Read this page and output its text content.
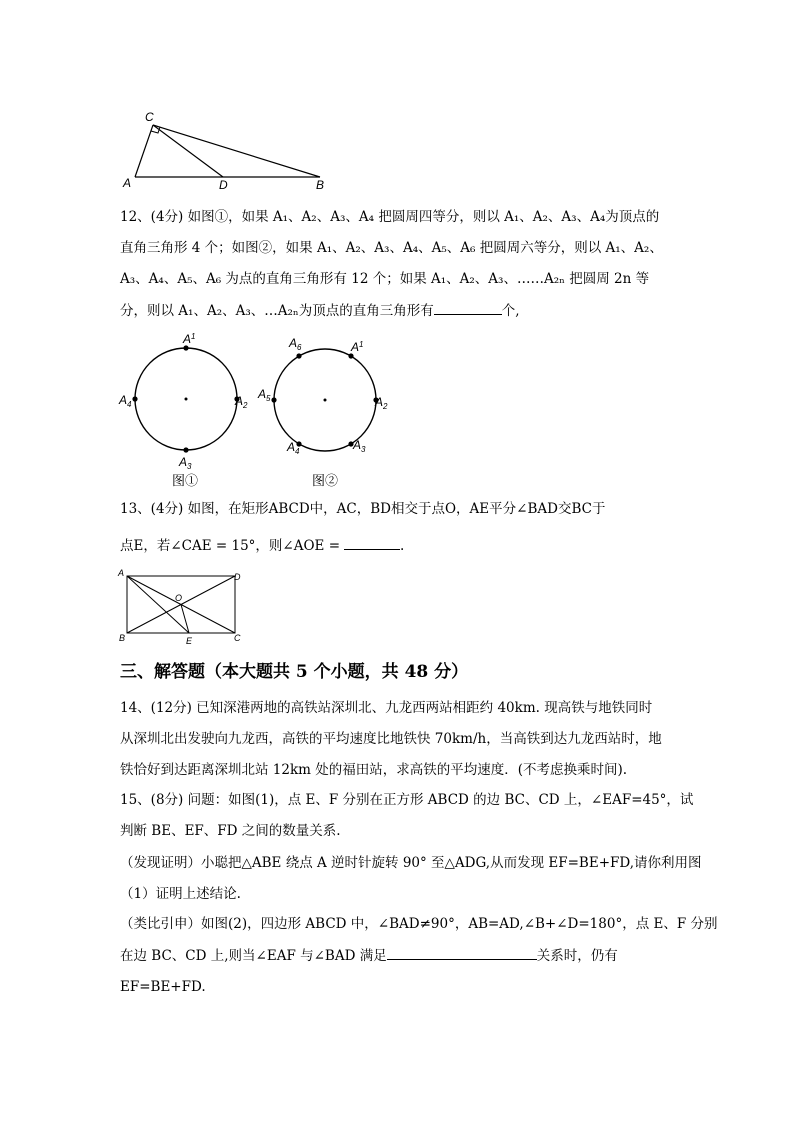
C
A	D	B
12、(4分) 如图①，如果 A₁、A₂、A₃、A₄ 把圆周四等分，则以 A₁、A₂、A₃、A₄为顶点的
直角三角形 4 个；如图②，如果 A₁、A₂、A₃、A₄、A₅、A₆ 把圆周六等分，则以 A₁、A₂、
A₃、A₄、A₅、A₆ 为点的直角三角形有 12 个；如果 A₁、A₂、A₃、……A₂ₙ 把圆周 2n 等
分，则以 A₁、A₂、A₃、…A₂ₙ为顶点的直角三角形有	个,
$A^1$
$A_2$
$A_3$
$A_4$
图①
$A^1$
$A_2$
$A_3$
$A_4$
$A_5$
$A_6$
图②
13、(4分) 如图，在矩形ABCD中，AC，BD相交于点O，AE平分∠BAD交BC于
点E，若∠CAE = 15°，则∠AOE =	.
A	D
O
B	E	C
三、解答题（本大题共 5 个小题，共 48 分）
14、(12分) 已知深港两地的高铁站深圳北、九龙西两站相距约 40km. 现高铁与地铁同时
从深圳北出发驶向九龙西，高铁的平均速度比地铁快 70km/h，当高铁到达九龙西站时，地
铁恰好到达距离深圳北站 12km 处的福田站，求高铁的平均速度．(不考虑换乘时间).
15、(8分) 问题：如图(1)，点 E、F 分别在正方形 ABCD 的边 BC、CD 上，∠EAF=45°，试
判断 BE、EF、FD 之间的数量关系.
（发现证明）小聪把△ABE 绕点 A 逆时针旋转 90° 至△ADG,从而发现 EF=BE+FD,请你利用图
（1）证明上述结论.
（类比引申）如图(2)，四边形 ABCD 中，∠BAD≠90°，AB=AD,∠B+∠D=180°，点 E、F 分别
在边 BC、CD 上,则当∠EAF 与∠BAD 满足	关系时，仍有
EF=BE+FD.
